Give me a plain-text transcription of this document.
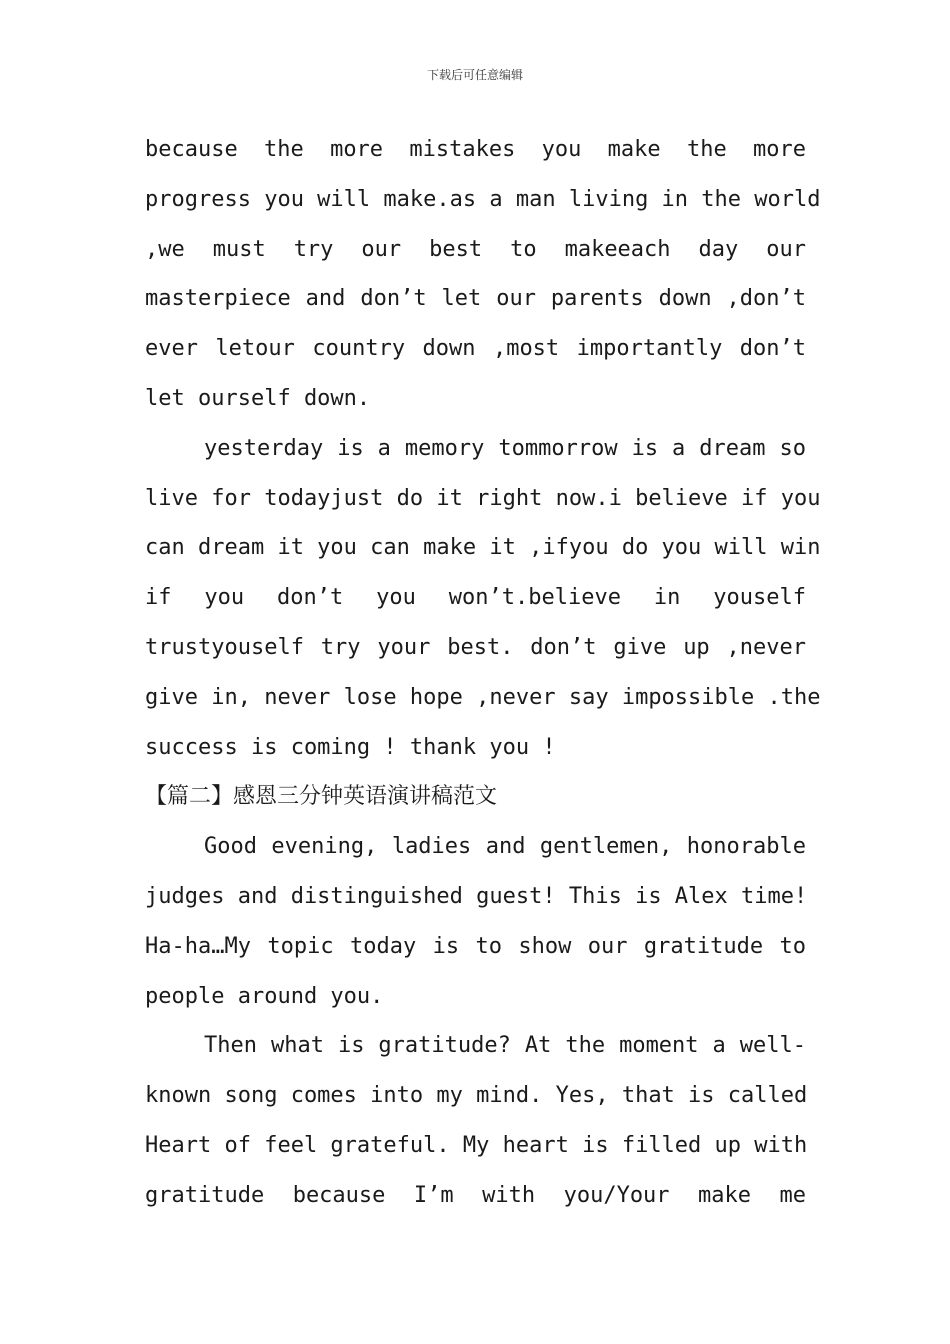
下载后可任意编辑
because the more mistakes you make the more
progress you will make.as a man living in the world
,we must try our best to makeeach day our
masterpiece and don’t let our parents down ,don’t
ever letour country down ,most importantly don’t
let ourself down.
yesterday is a memory tommorrow is a dream so
live for todayjust do it right now.i believe if you
can dream it you can make it ,ifyou do you will win
if you don’t you won’t.believe in youself
trustyouself try your best. don’t give up ,never
give in, never lose hope ,never say impossible .the
success is coming ! thank you !
【篇二】感恩三分钟英语演讲稿范文
Good evening, ladies and gentlemen, honorable
judges and distinguished guest! This is Alex time!
Ha-ha…My topic today is to show our gratitude to
people around you.
Then what is gratitude? At the moment a well-
known song comes into my mind. Yes, that is called
Heart of feel grateful. My heart is filled up with
gratitude because I’m with you/Your make me
